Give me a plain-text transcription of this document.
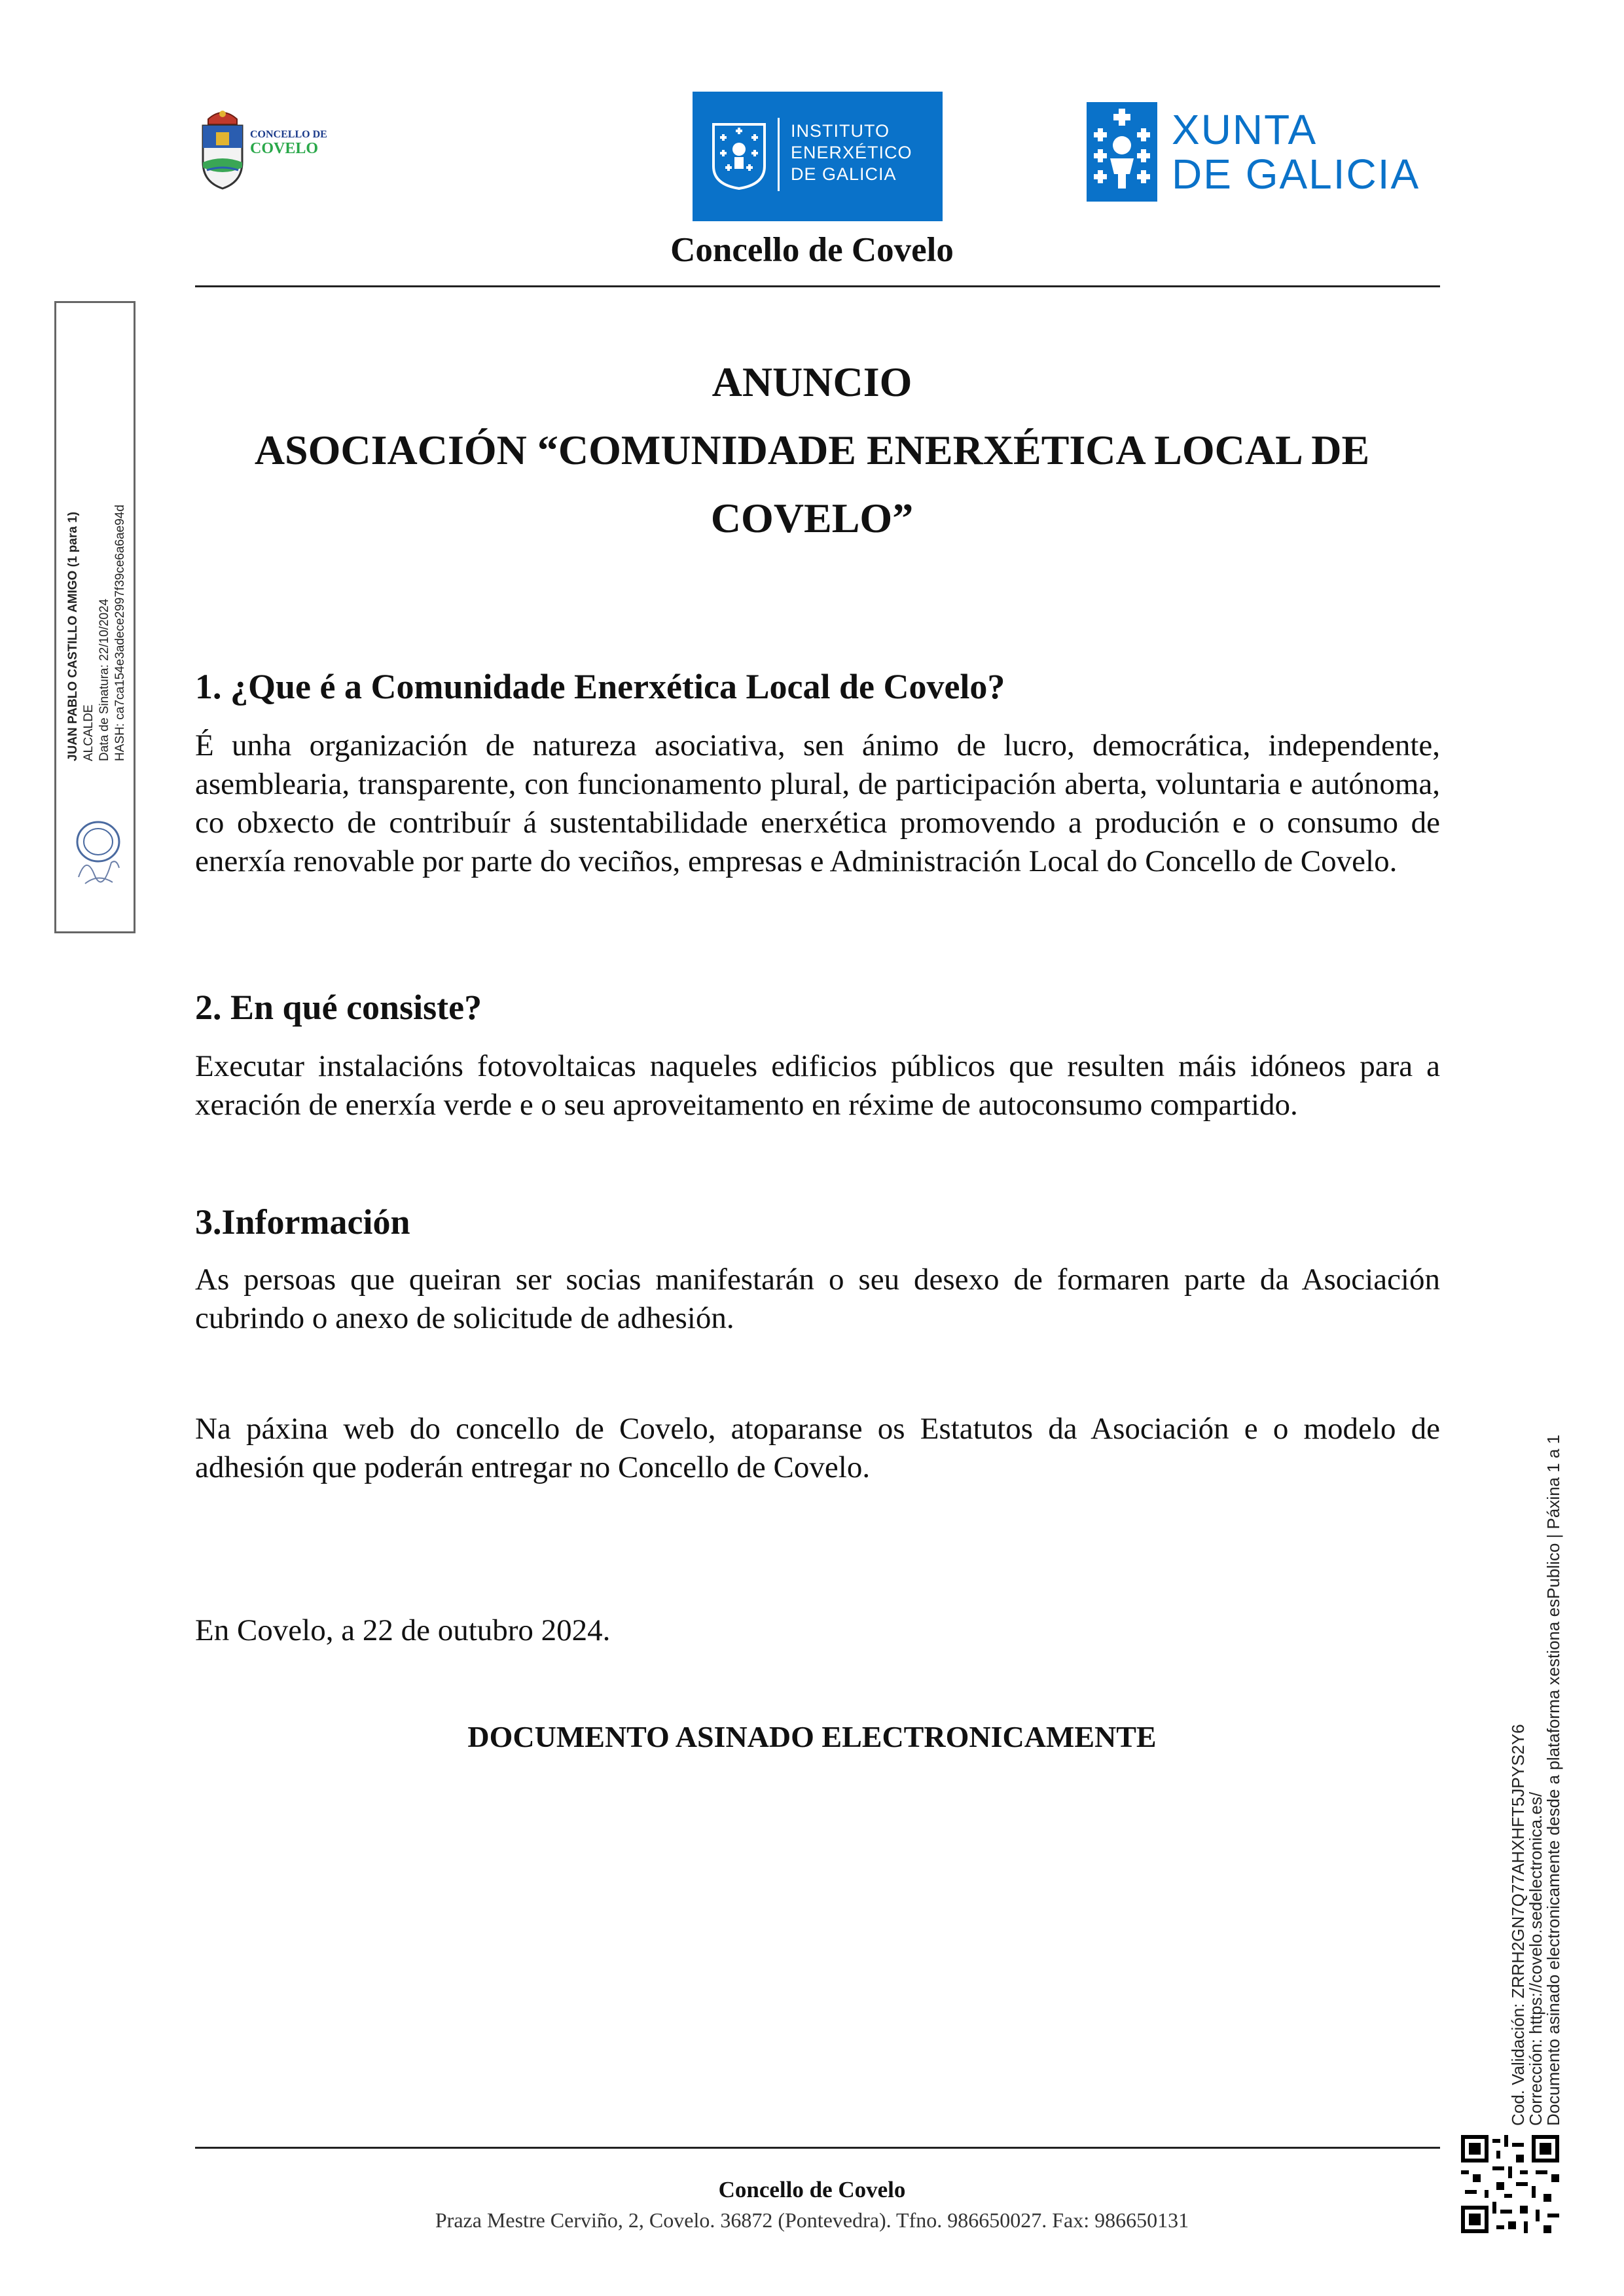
CONCELLO DE
COVELO
INSTITUTO
ENERXÉTICO
DE GALICIA
XUNTA
DE GALICIA
Concello de Covelo
JUAN PABLO CASTILLO AMIGO (1 para 1) ALCALDE Data de Sinatura: 22/10/2024 HASH: ca7ca154e3adece2997f39ce6a6ae94d
ANUNCIO
ASOCIACIÓN “COMUNIDADE ENERXÉTICA LOCAL DE
COVELO”
1. ¿Que é a Comunidade Enerxética Local de Covelo?
É unha organización de natureza asociativa, sen ánimo de lucro, democrática, independente, asemblearia, transparente, con funcionamento plural, de participación aberta, voluntaria e autónoma, co obxecto de contribuír á sustentabilidade enerxética promovendo a produción e o consumo de enerxía renovable por parte do veciños, empresas e Administración Local do Concello de Covelo.
2. En qué consiste?
Executar instalacións fotovoltaicas naqueles edificios públicos que resulten máis idóneos para a xeración de enerxía verde e o seu aproveitamento en réxime de autoconsumo compartido.
3.Información
As persoas que queiran ser socias manifestarán o seu desexo de formaren parte da Asociación cubrindo o anexo de solicitude de adhesión.
Na páxina web do concello de Covelo, atoparanse os Estatutos da Asociación e o modelo de adhesión que poderán entregar no Concello de Covelo.
En Covelo, a 22 de outubro 2024.
DOCUMENTO ASINADO ELECTRONICAMENTE	Cod. Validación: ZRRH2GN7Q77AHXHFT5JPYS2Y6
Corrección: https://covelo.sedelectronica.es/
Documento asinado electronicamente desde a plataforma xestiona esPublico | Páxina 1 a 1
Concello de Covelo
Praza Mestre Cerviño, 2, Covelo. 36872 (Pontevedra). Tfno. 986650027. Fax: 986650131
